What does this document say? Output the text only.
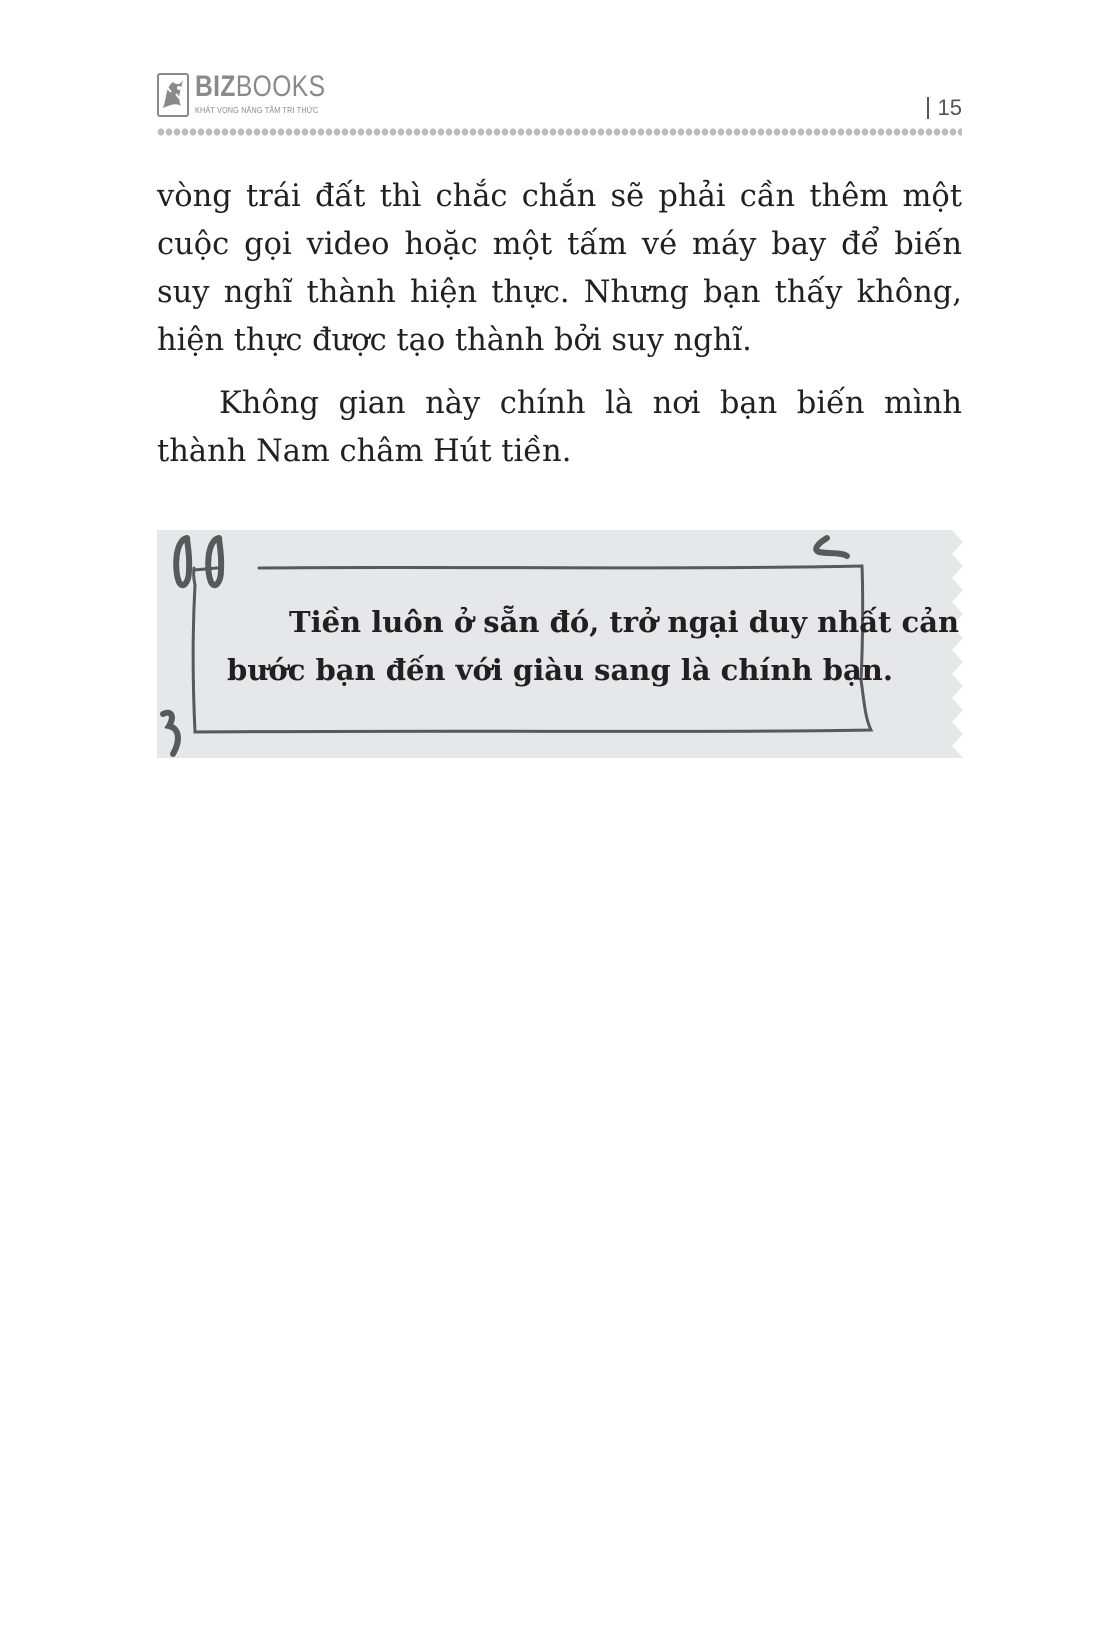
BIZBOOKS
KHÁT VỌNG NÂNG TẦM TRI THỨC	15

vòng trái đất thì chắc chắn sẽ phải cần thêm một cuộc gọi video hoặc một tấm vé máy bay để biến suy nghĩ thành hiện thực. Nhưng bạn thấy không, hiện thực được tạo thành bởi suy nghĩ.

Không gian này chính là nơi bạn biến mình thành Nam châm Hút tiền.

Tiền luôn ở sẵn đó, trở ngại duy nhất cản
bước bạn đến với giàu sang là chính bạn.
